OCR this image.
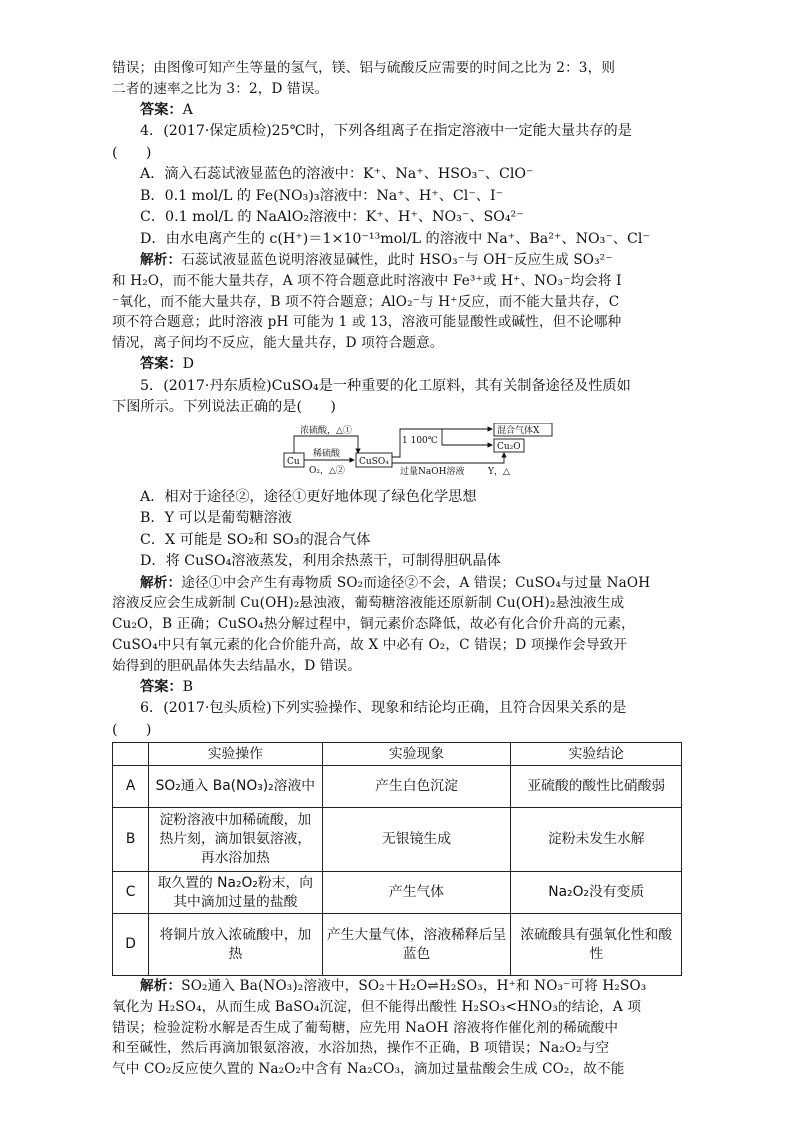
错误；由图像可知产生等量的氢气，镁、铝与硫酸反应需要的时间之比为 2：3，则
二者的速率之比为 3：2，D 错误。
答案：A
4．(2017·保定质检)25℃时，下列各组离子在指定溶液中一定能大量共存的是
(　　)
A．滴入石蕊试液显蓝色的溶液中：K⁺、Na⁺、HSO₃⁻、ClO⁻
B．0.1 mol/L 的 Fe(NO₃)₃溶液中：Na⁺、H⁺、Cl⁻、I⁻
C．0.1 mol/L 的 NaAlO₂溶液中：K⁺、H⁺、NO₃⁻、SO₄²⁻
D．由水电离产生的 c(H⁺)＝1×10⁻¹³mol/L 的溶液中 Na⁺、Ba²⁺、NO₃⁻、Cl⁻
解析：石蕊试液显蓝色说明溶液显碱性，此时 HSO₃⁻与 OH⁻反应生成 SO₃²⁻
和 H₂O，而不能大量共存，A 项不符合题意此时溶液中 Fe³⁺或 H⁺、NO₃⁻均会将 I
⁻氧化，而不能大量共存，B 项不符合题意；AlO₂⁻与 H⁺反应，而不能大量共存，C
项不符合题意；此时溶液 pH 可能为 1 或 13，溶液可能显酸性或碱性，但不论哪种
情况，离子间均不反应，能大量共存，D 项符合题意。
答案：D
5．(2017·丹东质检)CuSO₄是一种重要的化工原料，其有关制备途径及性质如
下图所示。下列说法正确的是(　　)
Cu
浓硫酸，△①
稀硫酸
O₂，△②
CuSO₄
1 100℃
混合气体X
Cu₂O
过量NaOH溶液	Y，△
A．相对于途径②，途径①更好地体现了绿色化学思想
B．Y 可以是葡萄糖溶液
C．X 可能是 SO₂和 SO₃的混合气体
D．将 CuSO₄溶液蒸发，利用余热蒸干，可制得胆矾晶体
解析：途径①中会产生有毒物质 SO₂而途径②不会，A 错误；CuSO₄与过量 NaOH
溶液反应会生成新制 Cu(OH)₂悬浊液，葡萄糖溶液能还原新制 Cu(OH)₂悬浊液生成
Cu₂O，B 正确；CuSO₄热分解过程中，铜元素价态降低，故必有化合价升高的元素，
CuSO₄中只有氧元素的化合价能升高，故 X 中必有 O₂，C 错误；D 项操作会导致开
始得到的胆矾晶体失去结晶水，D 错误。
答案：B
6．(2017·包头质检)下列实验操作、现象和结论均正确，且符合因果关系的是
(　　)
	实验操作	实验现象	实验结论
A	SO₂通入 Ba(NO₃)₂溶液中	产生白色沉淀	亚硫酸的酸性比硝酸弱
B	淀粉溶液中加稀硫酸，加热片刻，滴加银氨溶液，再水浴加热	无银镜生成	淀粉未发生水解
C	取久置的 Na₂O₂粉末，向其中滴加过量的盐酸	产生气体	Na₂O₂没有变质
D	将铜片放入浓硫酸中，加热	产生大量气体，溶液稀释后呈蓝色	浓硫酸具有强氧化性和酸性
解析：SO₂通入 Ba(NO₃)₂溶液中，SO₂＋H₂O⇌H₂SO₃，H⁺和 NO₃⁻可将 H₂SO₃
氧化为 H₂SO₄，从而生成 BaSO₄沉淀，但不能得出酸性 H₂SO₃<HNO₃的结论，A 项
错误；检验淀粉水解是否生成了葡萄糖，应先用 NaOH 溶液将作催化剂的稀硫酸中
和至碱性，然后再滴加银氨溶液，水浴加热，操作不正确，B 项错误；Na₂O₂与空
气中 CO₂反应使久置的 Na₂O₂中含有 Na₂CO₃，滴加过量盐酸会生成 CO₂，故不能
